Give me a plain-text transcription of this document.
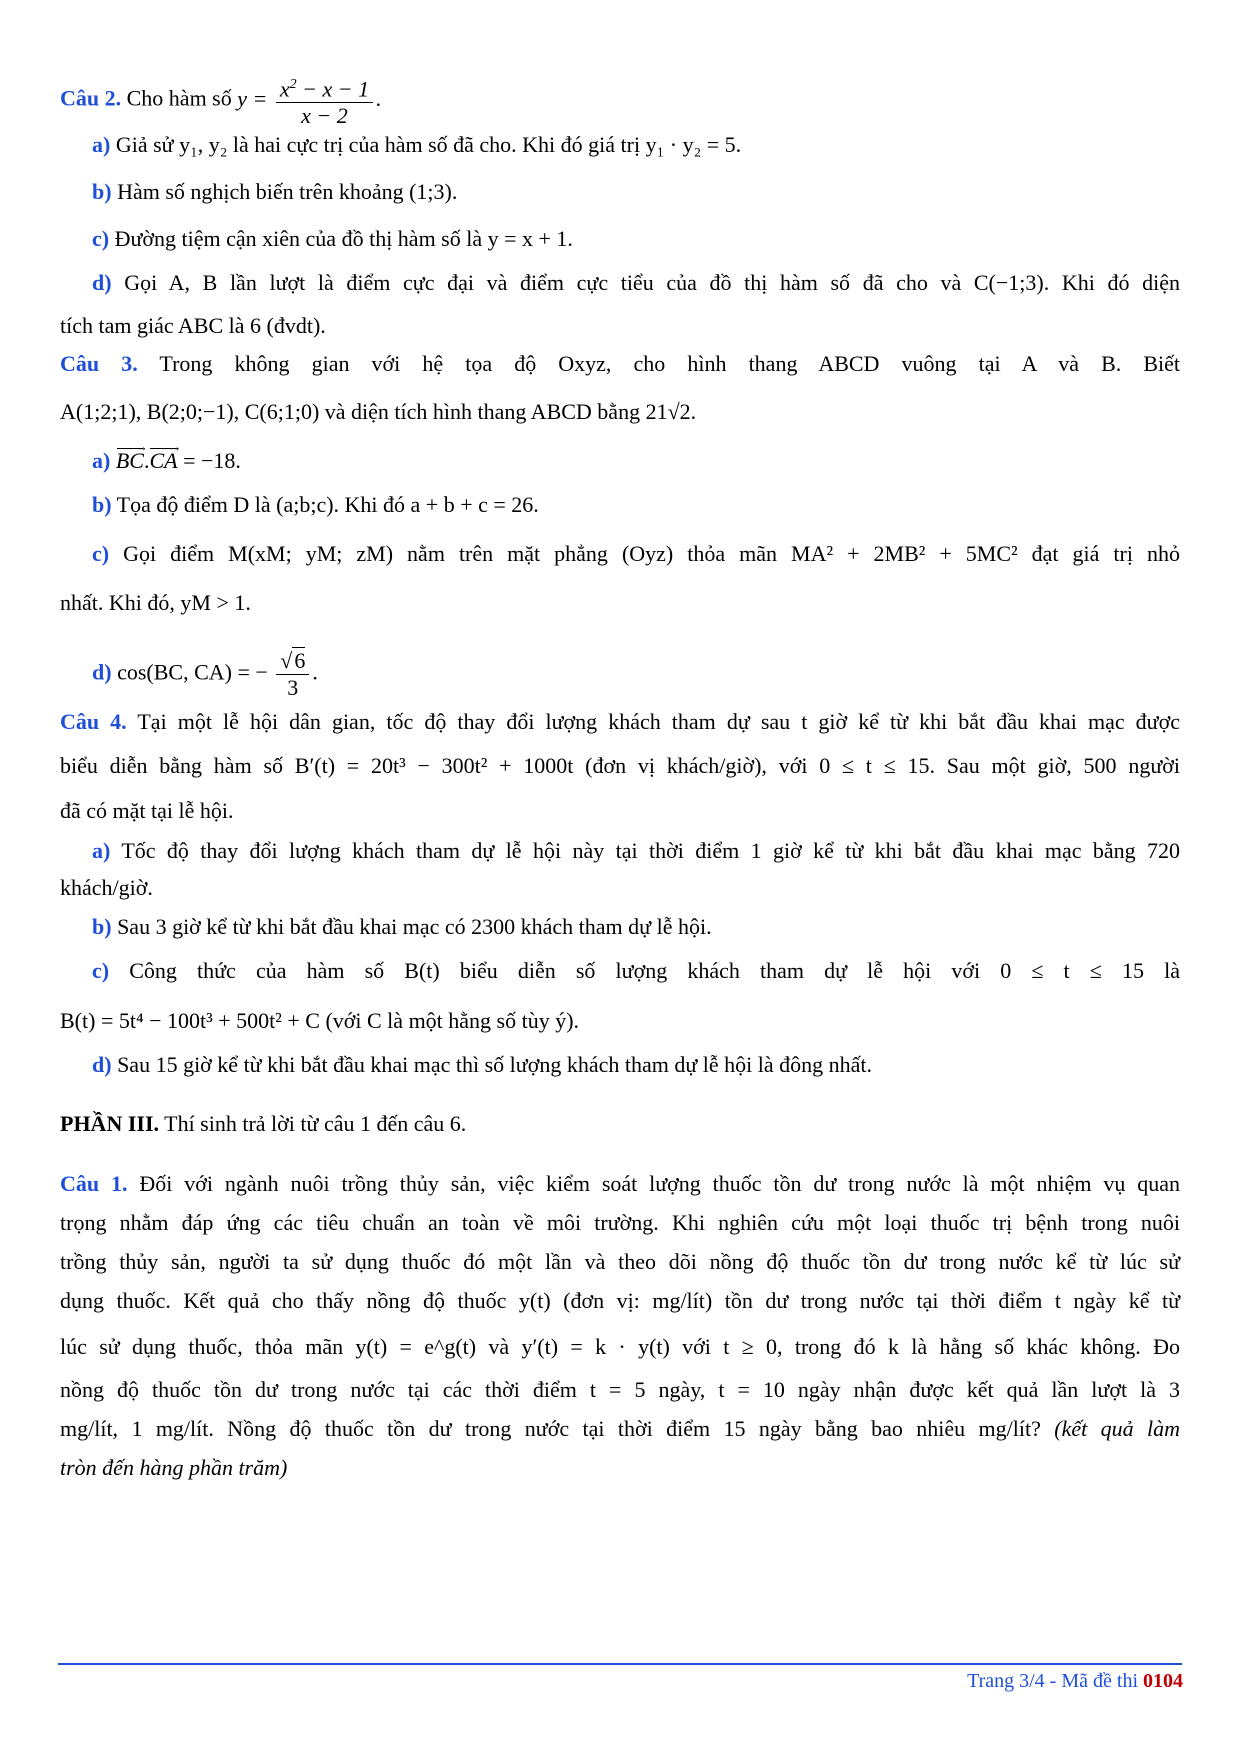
Câu 2. Cho hàm số $y = \frac{x^2 - x - 1}{x - 2}$ .
a) Giả sử y₁, y₂ là hai cực trị của hàm số đã cho. Khi đó giá trị y₁ · y₂ = 5.
b) Hàm số nghịch biến trên khoảng (1;3).
c) Đường tiệm cận xiên của đồ thị hàm số là y = x + 1.
d) Gọi A, B lần lượt là điểm cực đại và điểm cực tiểu của đồ thị hàm số đã cho và C(−1;3). Khi đó diện
tích tam giác ABC là 6 (đvdt).
Câu 3. Trong không gian với hệ tọa độ Oxyz, cho hình thang ABCD vuông tại A và B. Biết
A(1;2;1), B(2;0;−1), C(6;1;0) và diện tích hình thang ABCD bằng 21√2.
a) BC →.CA → = −18.
b) Tọa độ điểm D là (a;b;c). Khi đó a + b + c = 26.
c) Gọi điểm M(xM; yM; zM) nằm trên mặt phẳng (Oyz) thỏa mãn MA² + 2MB² + 5MC² đạt giá trị nhỏ
nhất. Khi đó, yM > 1.
d) cos(BC, CA) = − $\frac{√6}{3}$ .
Câu 4. Tại một lễ hội dân gian, tốc độ thay đổi lượng khách tham dự sau t giờ kể từ khi bắt đầu khai mạc được
biểu diễn bằng hàm số B′(t) = 20t³ − 300t² + 1000t (đơn vị khách/giờ), với 0 ≤ t ≤ 15. Sau một giờ, 500 người
đã có mặt tại lễ hội.
a) Tốc độ thay đổi lượng khách tham dự lễ hội này tại thời điểm 1 giờ kể từ khi bắt đầu khai mạc bằng 720
khách/giờ.
b) Sau 3 giờ kể từ khi bắt đầu khai mạc có 2300 khách tham dự lễ hội.
c) Công thức của hàm số B(t) biểu diễn số lượng khách tham dự lễ hội với 0 ≤ t ≤ 15 là
B(t) = 5t⁴ − 100t³ + 500t² + C (với C là một hằng số tùy ý).
d) Sau 15 giờ kể từ khi bắt đầu khai mạc thì số lượng khách tham dự lễ hội là đông nhất.
PHẦN III. Thí sinh trả lời từ câu 1 đến câu 6.
Câu 1. Đối với ngành nuôi trồng thủy sản, việc kiểm soát lượng thuốc tồn dư trong nước là một nhiệm vụ quan
trọng nhằm đáp ứng các tiêu chuẩn an toàn về môi trường. Khi nghiên cứu một loại thuốc trị bệnh trong nuôi
trồng thủy sản, người ta sử dụng thuốc đó một lần và theo dõi nồng độ thuốc tồn dư trong nước kể từ lúc sử
dụng thuốc. Kết quả cho thấy nồng độ thuốc y(t) (đơn vị: mg/lít) tồn dư trong nước tại thời điểm t ngày kể từ
lúc sử dụng thuốc, thỏa mãn y(t) = e^g(t) và y′(t) = k · y(t) với t ≥ 0, trong đó k là hằng số khác không. Đo
nồng độ thuốc tồn dư trong nước tại các thời điểm t = 5 ngày, t = 10 ngày nhận được kết quả lần lượt là 3
mg/lít, 1 mg/lít. Nồng độ thuốc tồn dư trong nước tại thời điểm 15 ngày bằng bao nhiêu mg/lít? (kết quả làm
tròn đến hàng phần trăm)
Trang 3/4 - Mã đề thi 0104
